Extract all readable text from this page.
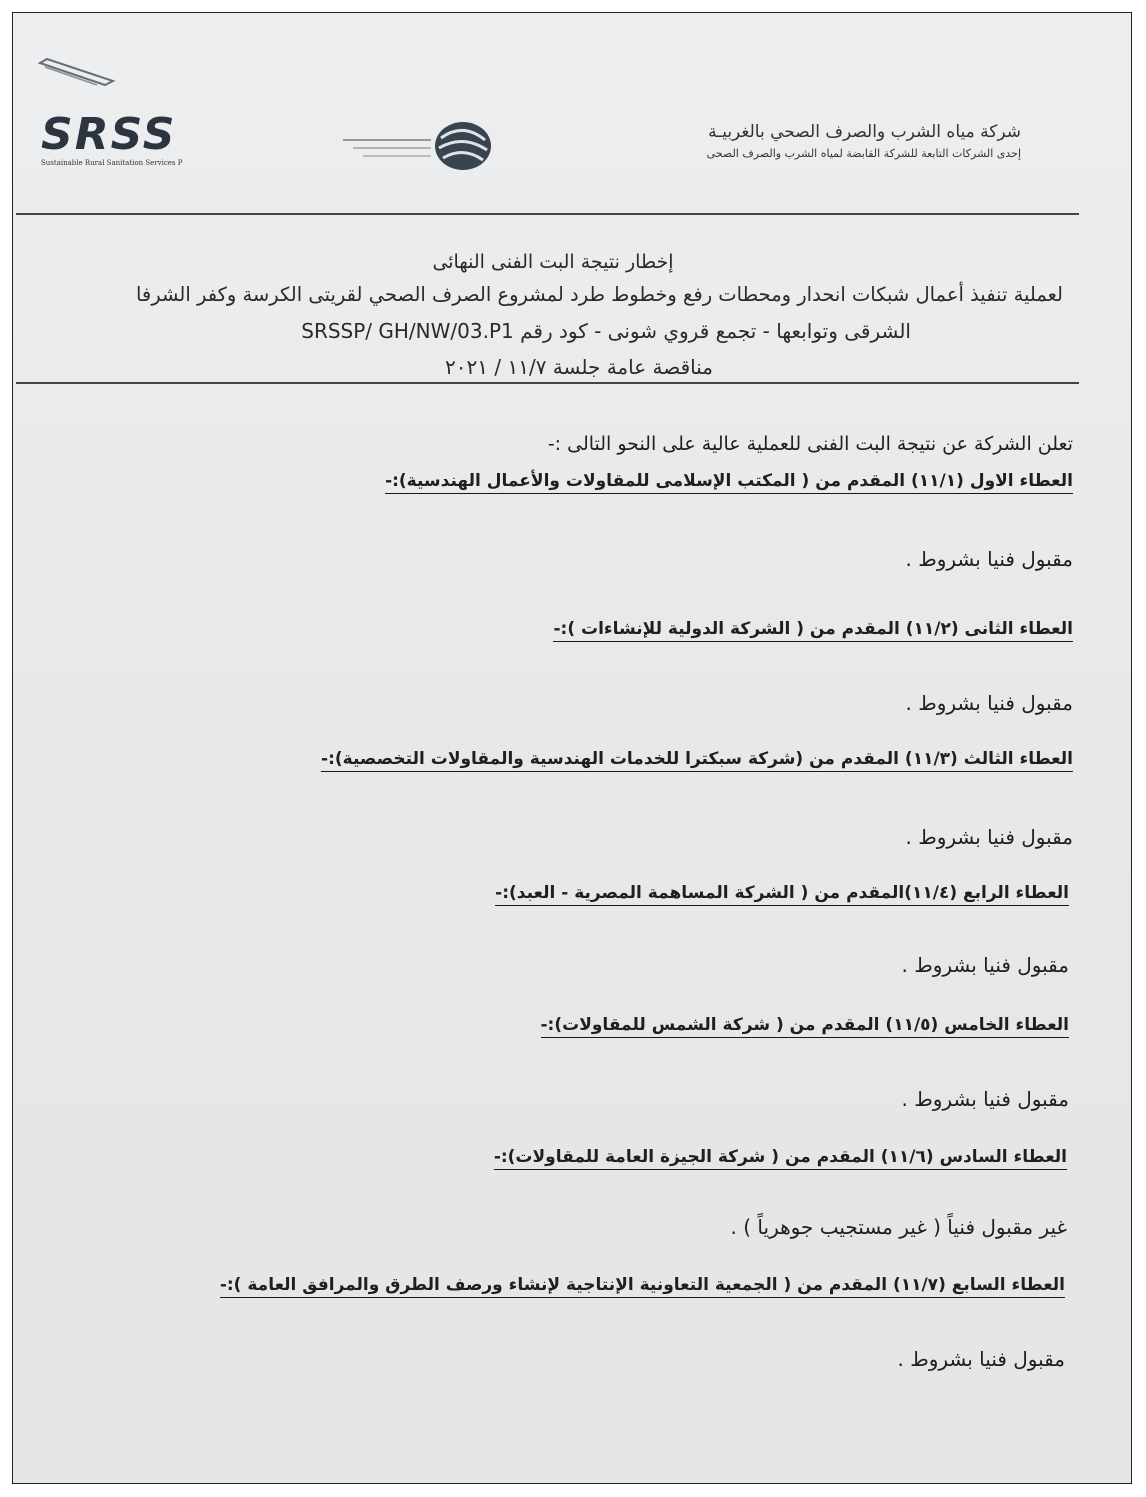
SRSS
Sustainable Rural Sanitation Services P
شركة مياه الشرب والصرف الصحي بالغربيـة
إحدى الشركات التابعة للشركة القابضة لمياه الشرب والصرف الصحى
إخطار نتيجة البت الفنى النهائى
لعملية تنفيذ أعمال شبكات انحدار ومحطات رفع وخطوط طرد لمشروع الصرف الصحي لقريتى الكرسة وكفر الشرفا
الشرقى وتوابعها - تجمع قروي شونى - كود رقم SRSSP/ GH/NW/03.P1
مناقصة عامة جلسة ١١/٧ / ٢٠٢١
تعلن الشركة عن نتيجة البت الفنى للعملية عالية على النحو التالى :-
العطاء الاول (١١/١) المقدم من ( المكتب الإسلامى للمقاولات والأعمال الهندسية):-
مقبول فنيا بشروط .
العطاء الثانى (١١/٢) المقدم من ( الشركة الدولية للإنشاءات ):-
مقبول فنيا بشروط .
العطاء الثالث (١١/٣) المقدم من (شركة سبكترا للخدمات الهندسية والمقاولات التخصصية):-
مقبول فنيا بشروط .
العطاء الرابع (١١/٤)المقدم من ( الشركة المساهمة المصرية - العبد):-
مقبول فنيا بشروط .
العطاء الخامس (١١/٥) المقدم من ( شركة الشمس للمقاولات):-
مقبول فنيا بشروط .
العطاء السادس (١١/٦) المقدم من ( شركة الجيزة العامة للمقاولات):-
غير مقبول فنياً ( غير مستجيب جوهرياً ) .
العطاء السابع (١١/٧) المقدم من ( الجمعية التعاونية الإنتاجية لإنشاء ورصف الطرق والمرافق العامة ):-
مقبول فنيا بشروط .
